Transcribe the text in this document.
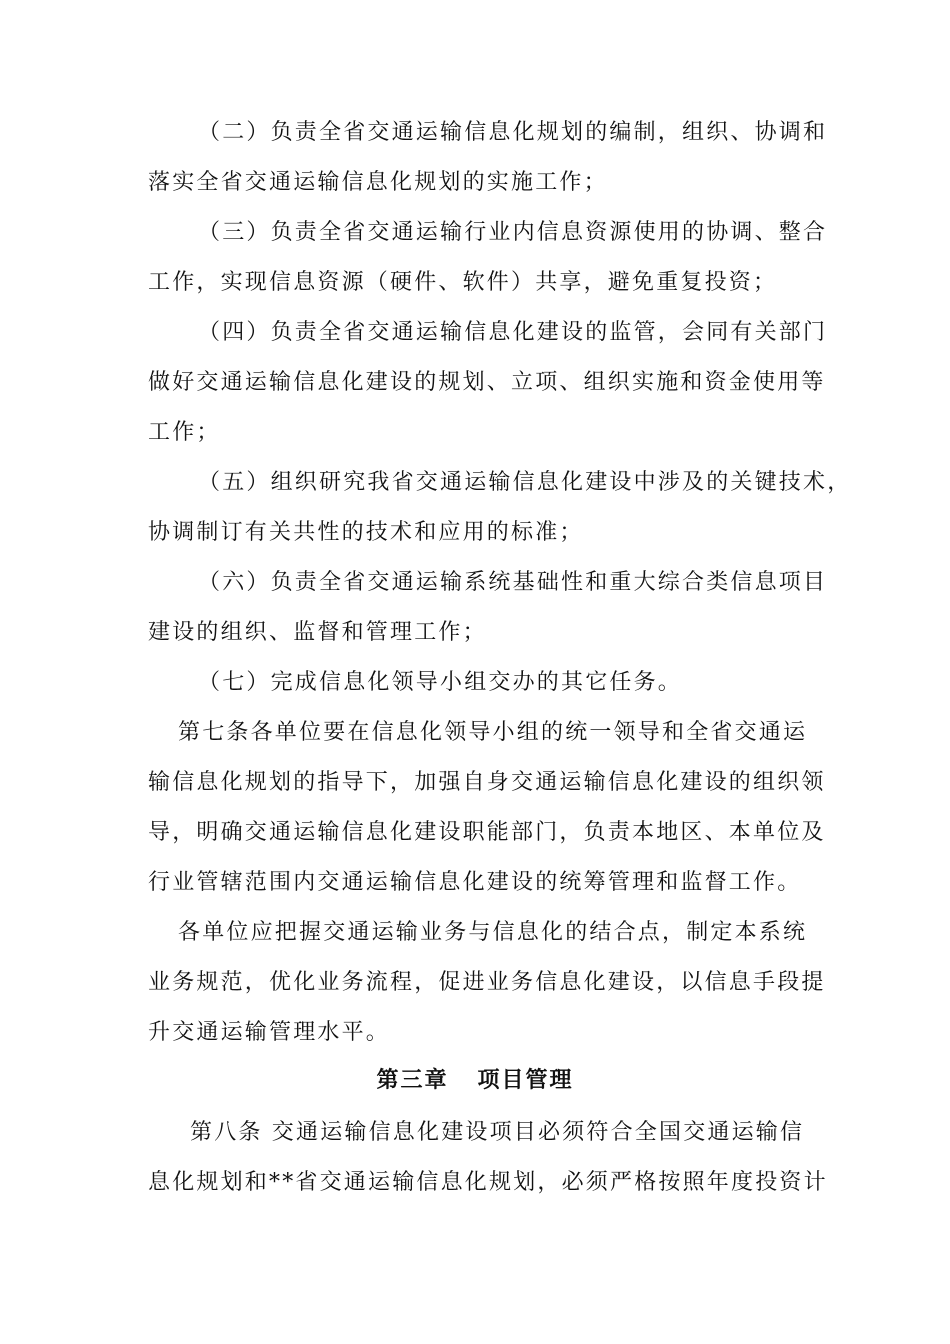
（二）负责全省交通运输信息化规划的编制，组织、协调和
落实全省交通运输信息化规划的实施工作；
（三）负责全省交通运输行业内信息资源使用的协调、整合
工作，实现信息资源（硬件、软件）共享，避免重复投资；
（四）负责全省交通运输信息化建设的监管，会同有关部门
做好交通运输信息化建设的规划、立项、组织实施和资金使用等
工作；
（五）组织研究我省交通运输信息化建设中涉及的关键技术，
协调制订有关共性的技术和应用的标准；
（六）负责全省交通运输系统基础性和重大综合类信息项目
建设的组织、监督和管理工作；
（七）完成信息化领导小组交办的其它任务。
第七条各单位要在信息化领导小组的统一领导和全省交通运
输信息化规划的指导下，加强自身交通运输信息化建设的组织领
导，明确交通运输信息化建设职能部门，负责本地区、本单位及
行业管辖范围内交通运输信息化建设的统筹管理和监督工作。
各单位应把握交通运输业务与信息化的结合点，制定本系统
业务规范，优化业务流程，促进业务信息化建设，以信息手段提
升交通运输管理水平。
第三章   项目管理
第八条 交通运输信息化建设项目必须符合全国交通运输信
息化规划和**省交通运输信息化规划，必须严格按照年度投资计
